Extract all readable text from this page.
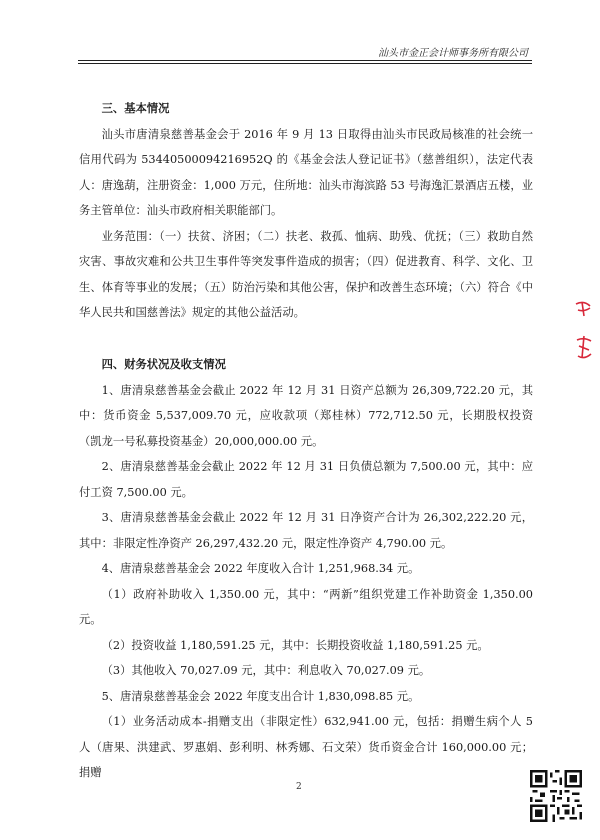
汕头市金正会计师事务所有限公司

三、基本情况

汕头市唐清泉慈善基金会于 2016 年 9 月 13 日取得由汕头市民政局核准的社会统一信用代码为 53440500094216952Q 的《基金会法人登记证书》（慈善组织），法定代表人：唐逸葫，注册资金：1,000 万元，住所地：汕头市海滨路 53 号海逸汇景酒店五楼，业务主管单位：汕头市政府相关职能部门。

业务范围：（一）扶贫、济困；（二）扶老、救孤、恤病、助残、优抚；（三）救助自然灾害、事故灾难和公共卫生事件等突发事件造成的损害；（四）促进教育、科学、文化、卫生、体育等事业的发展；（五）防治污染和其他公害，保护和改善生态环境；（六）符合《中华人民共和国慈善法》规定的其他公益活动。

四、财务状况及收支情况

1、唐清泉慈善基金会截止 2022 年 12 月 31 日资产总额为 26,309,722.20 元，其中：货币资金 5,537,009.70 元，应收款项（郑桂林）772,712.50 元，长期股权投资（凯龙一号私募投资基金）20,000,000.00 元。

2、唐清泉慈善基金会截止 2022 年 12 月 31 日负债总额为 7,500.00 元，其中：应付工资 7,500.00 元。

3、唐清泉慈善基金会截止 2022 年 12 月 31 日净资产合计为 26,302,222.20 元，其中：非限定性净资产 26,297,432.20 元，限定性净资产 4,790.00 元。

4、唐清泉慈善基金会 2022 年度收入合计 1,251,968.34 元。

（1）政府补助收入 1,350.00 元，其中：“两新”组织党建工作补助资金 1,350.00 元。

（2）投资收益 1,180,591.25 元，其中：长期投资收益 1,180,591.25 元。

（3）其他收入 70,027.09 元，其中：利息收入 70,027.09 元。

5、唐清泉慈善基金会 2022 年度支出合计 1,830,098.85 元。

（1）业务活动成本-捐赠支出（非限定性）632,941.00 元，包括：捐赠生病个人 5 人（唐果、洪建武、罗惠娟、彭利明、林秀娜、石文荣）货币资金合计 160,000.00 元；捐赠

2
